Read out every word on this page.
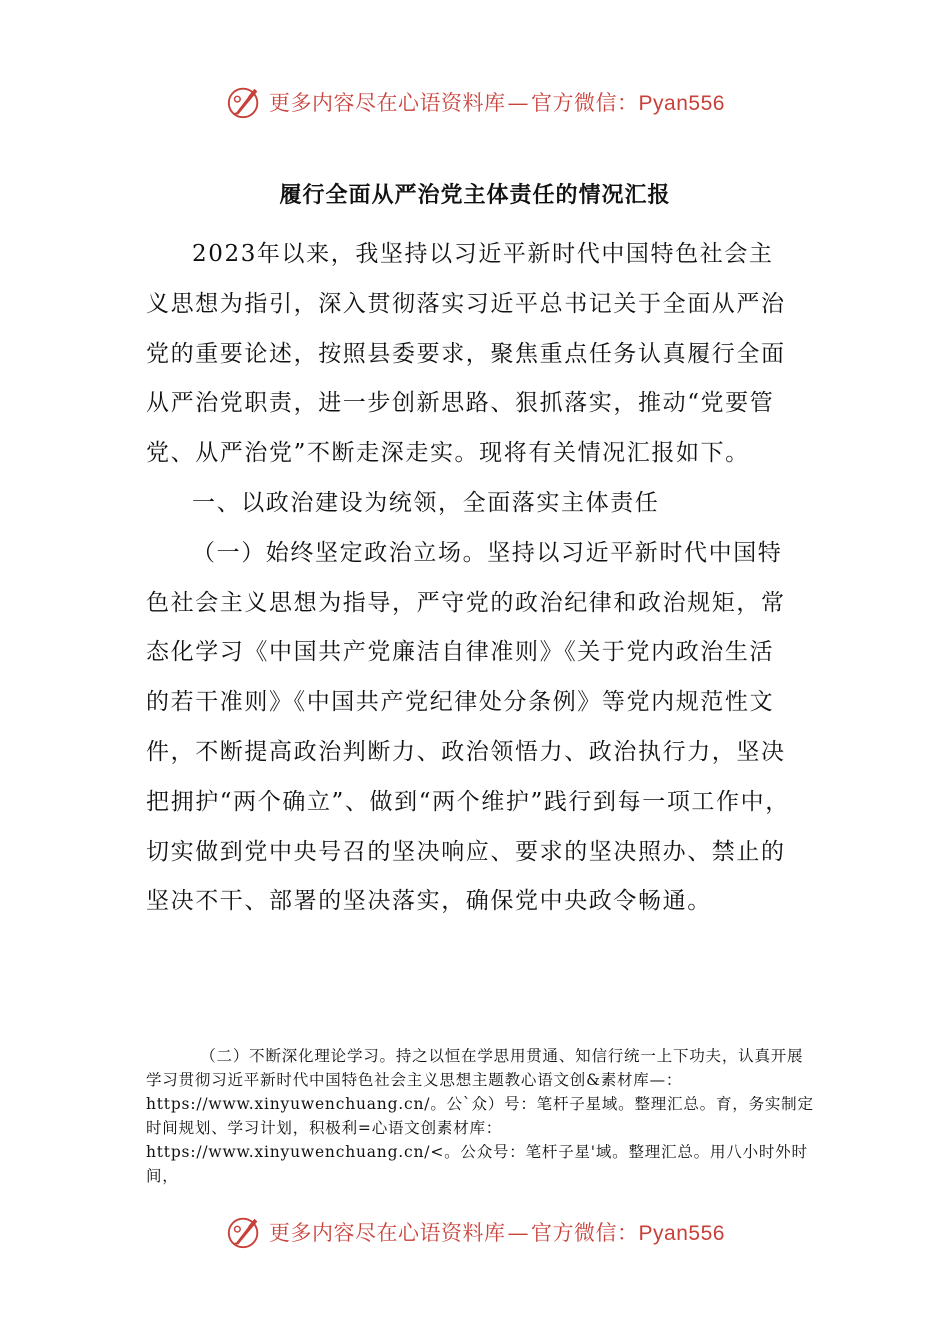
更多内容尽在心语资料库—官方微信：Pyan556
履行全面从严治党主体责任的情况汇报

2023年以来，我坚持以习近平新时代中国特色社会主义思想为指引，深入贯彻落实习近平总书记关于全面从严治党的重要论述，按照县委要求，聚焦重点任务认真履行全面从严治党职责，进一步创新思路、狠抓落实，推动“党要管党、从严治党”不断走深走实。现将有关情况汇报如下。

一、以政治建设为统领，全面落实主体责任

（一）始终坚定政治立场。坚持以习近平新时代中国特色社会主义思想为指导，严守党的政治纪律和政治规矩，常态化学习《中国共产党廉洁自律准则》《关于党内政治生活的若干准则》《中国共产党纪律处分条例》等党内规范性文件，不断提高政治判断力、政治领悟力、政治执行力，坚决把拥护“两个确立”、做到“两个维护”践行到每一项工作中，切实做到党中央号召的坚决响应、要求的坚决照办、禁止的坚决不干、部署的坚决落实，确保党中央政令畅通。

（二）不断深化理论学习。持之以恒在学思用贯通、知信行统一上下功夫，认真开展学习贯彻习近平新时代中国特色社会主义思想主题教心语文创&素材库—：https://www.xinyuwenchuang.cn/。公`众）号：笔杆子星域。整理汇总。育，务实制定时间规划、学习计划，积极利=心语文创素材库：https://www.xinyuwenchuang.cn/<。公众号：笔杆子星'域。整理汇总。用八小时外时间，

更多内容尽在心语资料库—官方微信：Pyan556
